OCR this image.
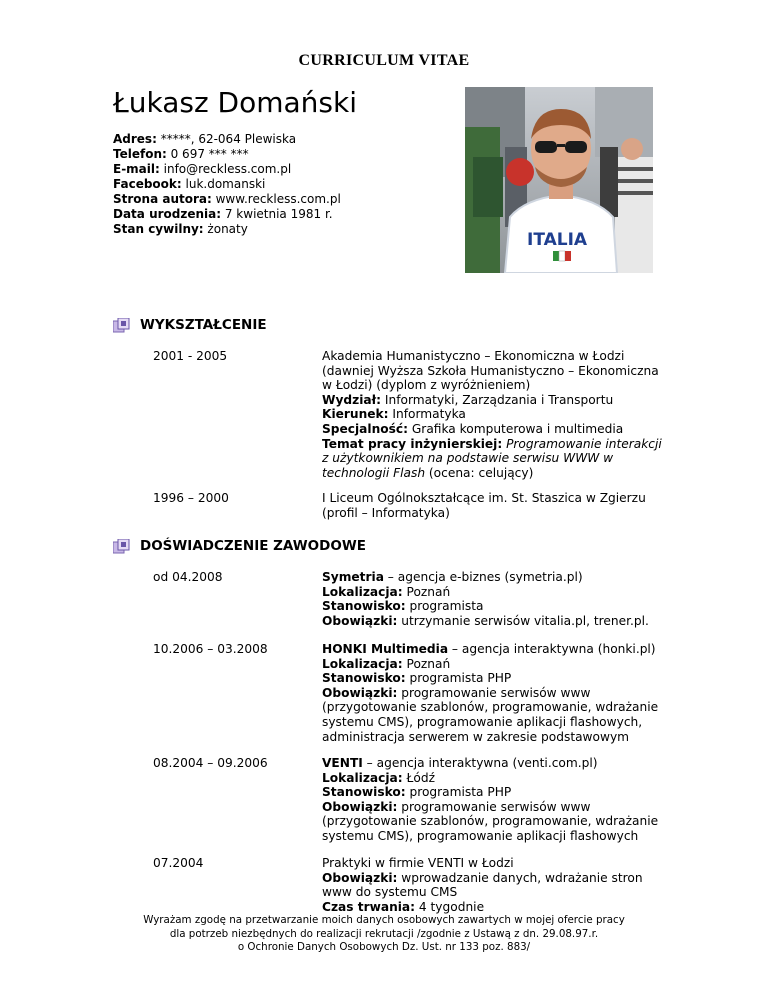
CURRICULUM VITAE
Łukasz Domański
Adres: *****, 62-064 Plewiska
Telefon: 0 697 *** ***
E-mail: info@reckless.com.pl
Facebook: luk.domanski
Strona autora: www.reckless.com.pl
Data urodzenia: 7 kwietnia 1981 r.
Stan cywilny: żonaty
ITALIA
WYKSZTAŁCENIE
2001 - 2005	Akademia Humanistyczno – Ekonomiczna w Łodzi (dawniej Wyższa Szkoła Humanistyczno – Ekonomiczna w Łodzi) (dyplom z wyróżnieniem)
Wydział: Informatyki, Zarządzania i Transportu
Kierunek: Informatyka
Specjalność: Grafika komputerowa i multimedia
Temat pracy inżynierskiej: Programowanie interakcji z użytkownikiem na podstawie serwisu WWW w technologii Flash (ocena: celujący)
1996 – 2000	I Liceum Ogólnokształcące im. St. Staszica w Zgierzu (profil – Informatyka)
DOŚWIADCZENIE ZAWODOWE
od 04.2008	Symetria – agencja e-biznes (symetria.pl)
Lokalizacja: Poznań
Stanowisko: programista
Obowiązki: utrzymanie serwisów vitalia.pl, trener.pl.
10.2006 – 03.2008	HONKI Multimedia – agencja interaktywna (honki.pl)
Lokalizacja: Poznań
Stanowisko: programista PHP
Obowiązki: programowanie serwisów www (przygotowanie szablonów, programowanie, wdrażanie systemu CMS), programowanie aplikacji flashowych, administracja serwerem w zakresie podstawowym
08.2004 – 09.2006	VENTI – agencja interaktywna (venti.com.pl)
Lokalizacja: Łódź
Stanowisko: programista PHP
Obowiązki: programowanie serwisów www (przygotowanie szablonów, programowanie, wdrażanie systemu CMS), programowanie aplikacji flashowych
07.2004	Praktyki w firmie VENTI w Łodzi
Obowiązki: wprowadzanie danych, wdrażanie stron www do systemu CMS
Czas trwania: 4 tygodnie
Wyrażam zgodę na przetwarzanie moich danych osobowych zawartych w mojej ofercie pracy
dla potrzeb niezbędnych do realizacji rekrutacji /zgodnie z Ustawą z dn. 29.08.97.r.
o Ochronie Danych Osobowych Dz. Ust. nr 133 poz. 883/
